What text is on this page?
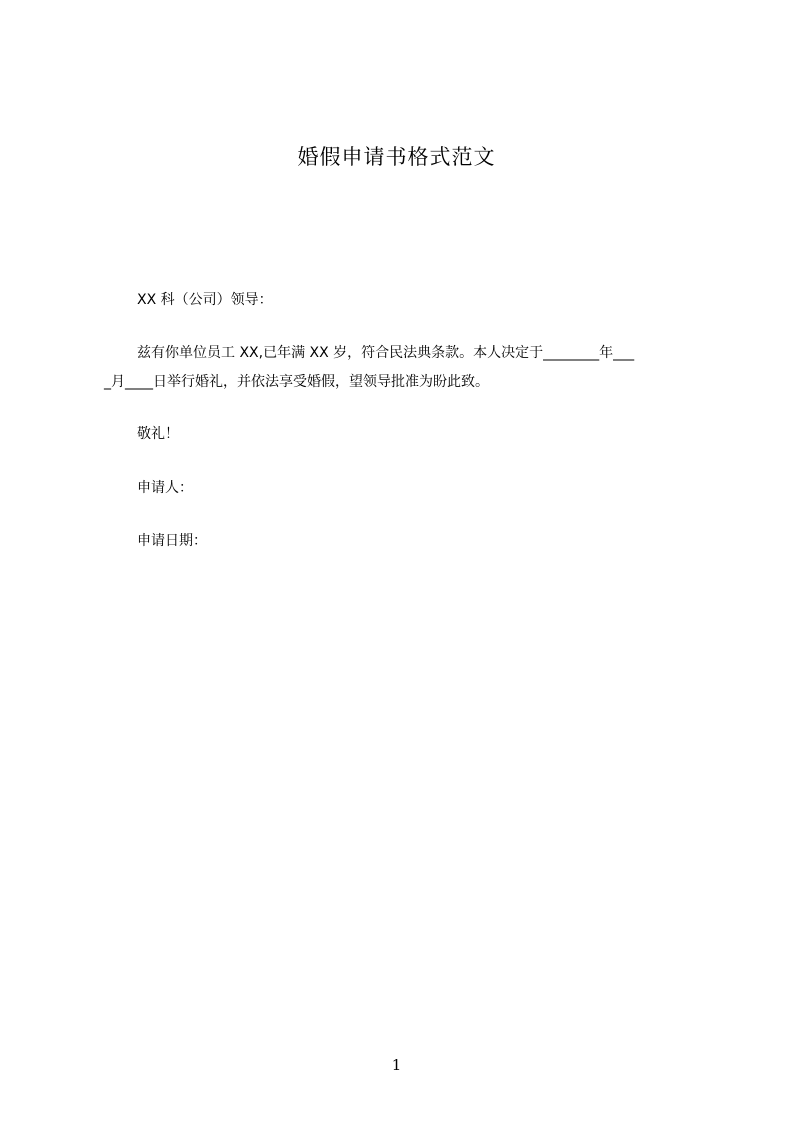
婚假申请书格式范文
XX 科（公司）领导：
兹有你单位员工 XX,已年满 XX 岁，符合民法典条款。本人决定于________年___
_月____日举行婚礼，并依法享受婚假，望领导批准为盼此致。
敬礼！
申请人：
申请日期：
1
